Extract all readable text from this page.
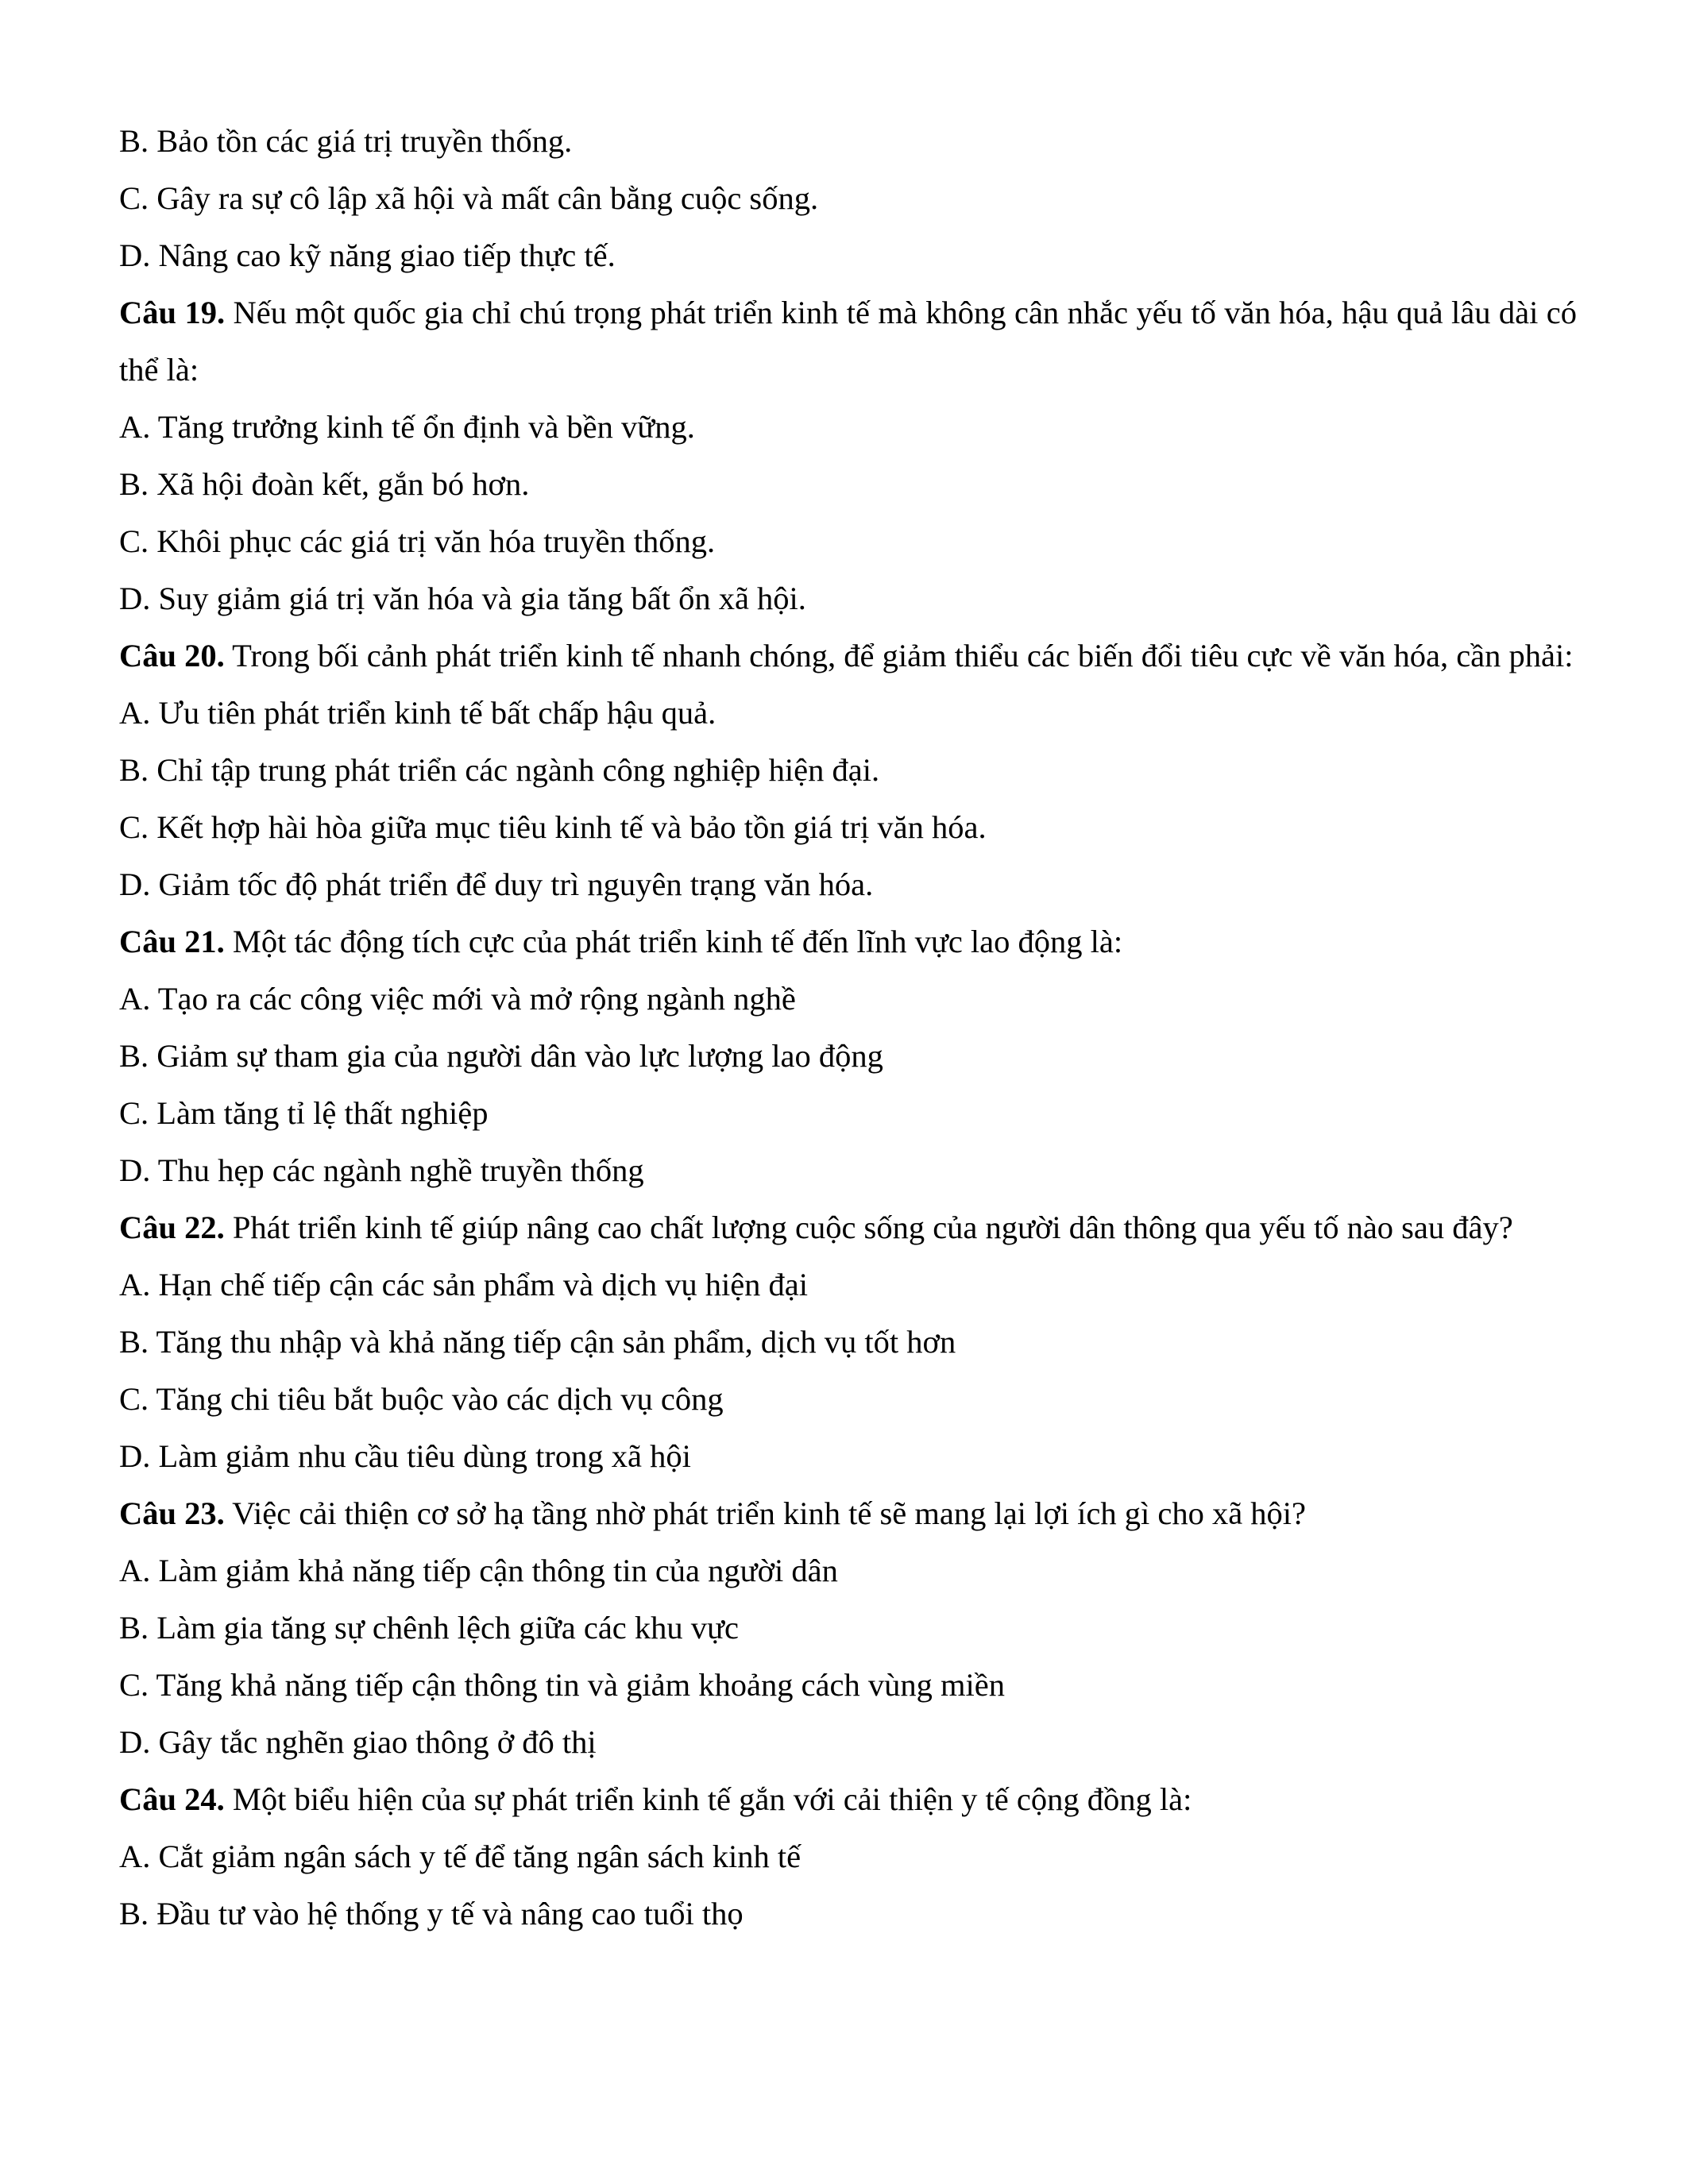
B. Bảo tồn các giá trị truyền thống.

C. Gây ra sự cô lập xã hội và mất cân bằng cuộc sống.

D. Nâng cao kỹ năng giao tiếp thực tế.

Câu 19. Nếu một quốc gia chỉ chú trọng phát triển kinh tế mà không cân nhắc yếu tố văn hóa, hậu quả lâu dài có thể là:

A. Tăng trưởng kinh tế ổn định và bền vững.

B. Xã hội đoàn kết, gắn bó hơn.

C. Khôi phục các giá trị văn hóa truyền thống.

D. Suy giảm giá trị văn hóa và gia tăng bất ổn xã hội.

Câu 20. Trong bối cảnh phát triển kinh tế nhanh chóng, để giảm thiểu các biến đổi tiêu cực về văn hóa, cần phải:

A. Ưu tiên phát triển kinh tế bất chấp hậu quả.

B. Chỉ tập trung phát triển các ngành công nghiệp hiện đại.

C. Kết hợp hài hòa giữa mục tiêu kinh tế và bảo tồn giá trị văn hóa.

D. Giảm tốc độ phát triển để duy trì nguyên trạng văn hóa.

Câu 21. Một tác động tích cực của phát triển kinh tế đến lĩnh vực lao động là:

A. Tạo ra các công việc mới và mở rộng ngành nghề

B. Giảm sự tham gia của người dân vào lực lượng lao động

C. Làm tăng tỉ lệ thất nghiệp

D. Thu hẹp các ngành nghề truyền thống

Câu 22. Phát triển kinh tế giúp nâng cao chất lượng cuộc sống của người dân thông qua yếu tố nào sau đây?

A. Hạn chế tiếp cận các sản phẩm và dịch vụ hiện đại

B. Tăng thu nhập và khả năng tiếp cận sản phẩm, dịch vụ tốt hơn

C. Tăng chi tiêu bắt buộc vào các dịch vụ công

D. Làm giảm nhu cầu tiêu dùng trong xã hội

Câu 23. Việc cải thiện cơ sở hạ tầng nhờ phát triển kinh tế sẽ mang lại lợi ích gì cho xã hội?

A. Làm giảm khả năng tiếp cận thông tin của người dân

B. Làm gia tăng sự chênh lệch giữa các khu vực

C. Tăng khả năng tiếp cận thông tin và giảm khoảng cách vùng miền

D. Gây tắc nghẽn giao thông ở đô thị

Câu 24. Một biểu hiện của sự phát triển kinh tế gắn với cải thiện y tế cộng đồng là:

A. Cắt giảm ngân sách y tế để tăng ngân sách kinh tế

B. Đầu tư vào hệ thống y tế và nâng cao tuổi thọ
